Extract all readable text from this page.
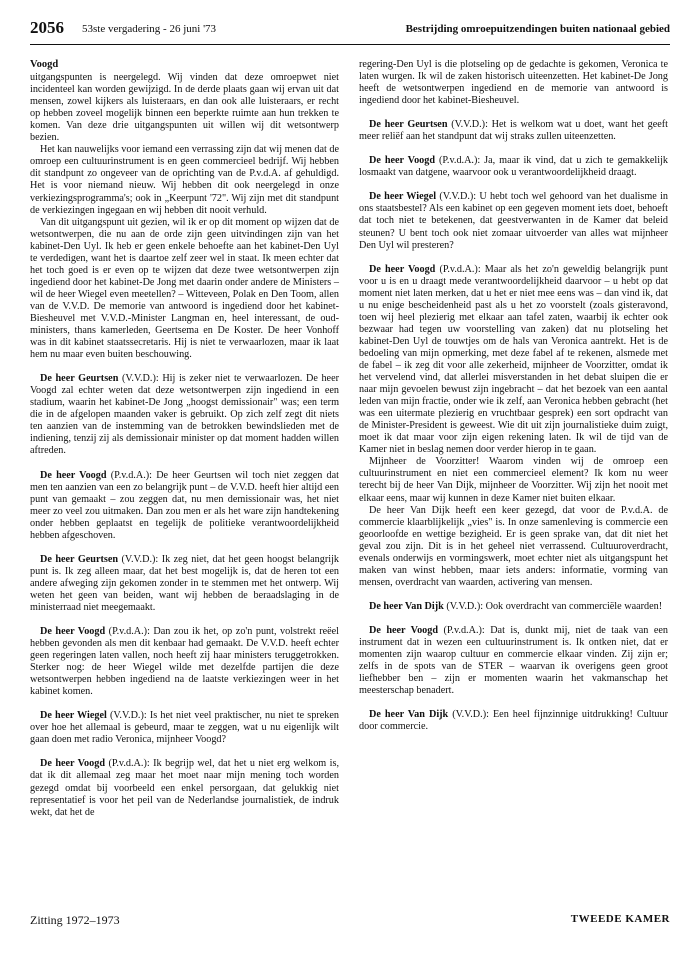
2056 53ste vergadering - 26 juni '73	Bestrijding omroepuitzendingen buiten nationaal gebied
Voogd

uitgangspunten is neergelegd. Wij vinden dat deze omroepwet niet incidenteel kan worden gewijzigd. In de derde plaats gaan wij ervan uit dat mensen, zowel kijkers als luisteraars, en dan ook alle luisteraars, er recht op hebben zoveel mogelijk binnen een beperkte ruimte aan hun trekken te komen. Van deze drie uitgangspunten uit willen wij dit wetsontwerp bezien.

Het kan nauwelijks voor iemand een verrassing zijn dat wij menen dat de omroep een cultuurinstrument is en geen commercieel bedrijf. Wij hebben dit standpunt zo ongeveer van de oprichting van de P.v.d.A. af gehuldigd. Het is voor niemand nieuw. Wij hebben dit ook neergelegd in onze verkiezingsprogramma's; ook in „Keerpunt '72". Wij zijn met dit standpunt de verkiezingen ingegaan en wij hebben dit nooit verhuld.

Van dit uitgangspunt uit gezien, wil ik er op dit moment op wijzen dat de wetsontwerpen, die nu aan de orde zijn geen uitvindingen zijn van het kabinet-Den Uyl. Ik heb er geen enkele behoefte aan het kabinet-Den Uyl te verdedigen, want het is daartoe zelf zeer wel in staat. Ik meen echter dat het toch goed is er even op te wijzen dat deze twee wetsontwerpen zijn ingediend door het kabinet-De Jong met daarin onder andere de Ministers – wil de heer Wiegel even meetellen? – Witteveen, Polak en Den Toom, allen van de V.V.D. De memorie van antwoord is ingediend door het kabinet-Biesheuvel met V.V.D.-Minister Langman en, heel interessant, de oud-ministers, thans kamerleden, Geertsema en De Koster. De heer Vonhoff was in dit kabinet staatssecretaris. Hij is niet te verwaarlozen, maar ik laat hem nu maar even buiten beschouwing.

De heer Geurtsen (V.V.D.): Hij is zeker niet te verwaarlozen. De heer Voogd zal echter weten dat deze wetsontwerpen zijn ingediend in een stadium, waarin het kabinet-De Jong „hoogst demissionair" was; een term die in de afgelopen maanden vaker is gebruikt. Op zich zelf zegt dit niets ten aanzien van de instemming van de betrokken bewindslieden met de indiening, tenzij zij als demissionair minister op dat moment hadden willen aftreden.

De heer Voogd (P.v.d.A.): De heer Geurtsen wil toch niet zeggen dat men ten aanzien van een zo belangrijk punt – de V.V.D. heeft hier altijd een punt van gemaakt – zou zeggen dat, nu men demissionair was, het niet meer zo veel zou uitmaken. Dan zou men er als het ware zijn handtekening onder hebben geplaatst en tegelijk de politieke verantwoordelijkheid hebben afgeschoven.

De heer Geurtsen (V.V.D.): Ik zeg niet, dat het geen hoogst belangrijk punt is. Ik zeg alleen maar, dat het best mogelijk is, dat de heren tot een andere afweging zijn gekomen zonder in te stemmen met het ontwerp. Wij weten het geen van beiden, want wij hebben de beraadslaging in de ministerraad niet meegemaakt.

De heer Voogd (P.v.d.A.): Dan zou ik het, op zo'n punt, volstrekt reëel hebben gevonden als men dit kenbaar had gemaakt. De V.V.D. heeft echter geen regeringen laten vallen, noch heeft zij haar ministers teruggetrokken. Sterker nog: de heer Wiegel wilde met dezelfde partijen die deze wetsontwerpen hebben ingediend na de laatste verkiezingen weer in het kabinet komen.

De heer Wiegel (V.V.D.): Is het niet veel praktischer, nu niet te spreken over hoe het allemaal is gebeurd, maar te zeggen, wat u nu eigenlijk wilt gaan doen met radio Veronica, mijnheer Voogd?

De heer Voogd (P.v.d.A.): Ik begrijp wel, dat het u niet erg welkom is, dat ik dit allemaal zeg maar het moet naar mijn mening toch worden gezegd omdat bij voorbeeld een enkel persorgaan, dat gelukkig niet representatief is voor het peil van de Nederlandse journalistiek, de indruk wekt, dat het de

regering-Den Uyl is die plotseling op de gedachte is gekomen, Veronica te laten wurgen. Ik wil de zaken historisch uiteenzetten. Het kabinet-De Jong heeft de wetsontwerpen ingediend en de memorie van antwoord is ingediend door het kabinet-Biesheuvel.

De heer Geurtsen (V.V.D.): Het is welkom wat u doet, want het geeft meer reliëf aan het standpunt dat wij straks zullen uiteenzetten.

De heer Voogd (P.v.d.A.): Ja, maar ik vind, dat u zich te gemakkelijk losmaakt van datgene, waarvoor ook u verantwoordelijkheid draagt.

De heer Wiegel (V.V.D.): U hebt toch wel gehoord van het dualisme in ons staatsbestel? Als een kabinet op een gegeven moment iets doet, behoeft dat toch niet te betekenen, dat geestverwanten in de Kamer dat beleid steunen? U bent toch ook niet zomaar uitvoerder van alles wat mijnheer Den Uyl wil presteren?

De heer Voogd (P.v.d.A.): Maar als het zo'n geweldig belangrijk punt voor u is en u draagt mede verantwoordelijkheid daarvoor – u hebt op dat moment niet laten merken, dat u het er niet mee eens was – dan vind ik, dat u nu enige bescheidenheid past als u het zo voorstelt (zoals gisteravond, toen wij heel plezierig met elkaar aan tafel zaten, waarbij ik echter ook bezwaar had tegen uw voorstelling van zaken) dat nu plotseling het kabinet-Den Uyl de touwtjes om de hals van Veronica aantrekt. Het is de bedoeling van mijn opmerking, met deze fabel af te rekenen, alsmede met de fabel – ik zeg dit voor alle zekerheid, mijnheer de Voorzitter, omdat ik het vervelend vind, dat allerlei misverstanden in het debat sluipen die er naar mijn gevoelen bewust zijn ingebracht – dat het bezoek van een aantal leden van mijn fractie, onder wie ik zelf, aan Veronica hebben gebracht (het was een uitermate plezierig en vruchtbaar gesprek) een sort opdracht van de Minister-President is geweest. Wie dit uit zijn journalistieke duim zuigt, moet ik dat maar voor zijn eigen rekening laten. Ik wil de tijd van de Kamer niet in beslag nemen door verder hierop in te gaan.

Mijnheer de Voorzitter! Waarom vinden wij de omroep een cultuurinstrument en niet een commercieel element? Ik kom nu weer terecht bij de heer Van Dijk, mijnheer de Voorzitter. Wij zijn het nooit met elkaar eens, maar wij kunnen in deze Kamer niet buiten elkaar.

De heer Van Dijk heeft een keer gezegd, dat voor de P.v.d.A. de commercie klaarblijkelijk „vies" is. In onze samenleving is commercie een geoorloofde en wettige bezigheid. Er is geen sprake van, dat dit niet het geval zou zijn. Dit is in het geheel niet verrassend. Cultuuroverdracht, evenals onderwijs en vormingswerk, moet echter niet als uitgangspunt het maken van winst hebben, maar iets anders: informatie, vorming van mensen, overdracht van waarden, activering van mensen.

De heer Van Dijk (V.V.D.): Ook overdracht van commerciële waarden!

De heer Voogd (P.v.d.A.): Dat is, dunkt mij, niet de taak van een instrument dat in wezen een cultuurinstrument is. Ik ontken niet, dat er momenten zijn waarop cultuur en commercie elkaar vinden. Zij zijn er; zelfs in de spots van de STER – waarvan ik overigens geen groot liefhebber ben – zijn er momenten waarin het vakmanschap het meesterschap benadert.

De heer Van Dijk (V.V.D.): Een heel fijnzinnige uitdrukking! Cultuur door commercie.

Zitting 1972–1973	TWEEDE KAMER
